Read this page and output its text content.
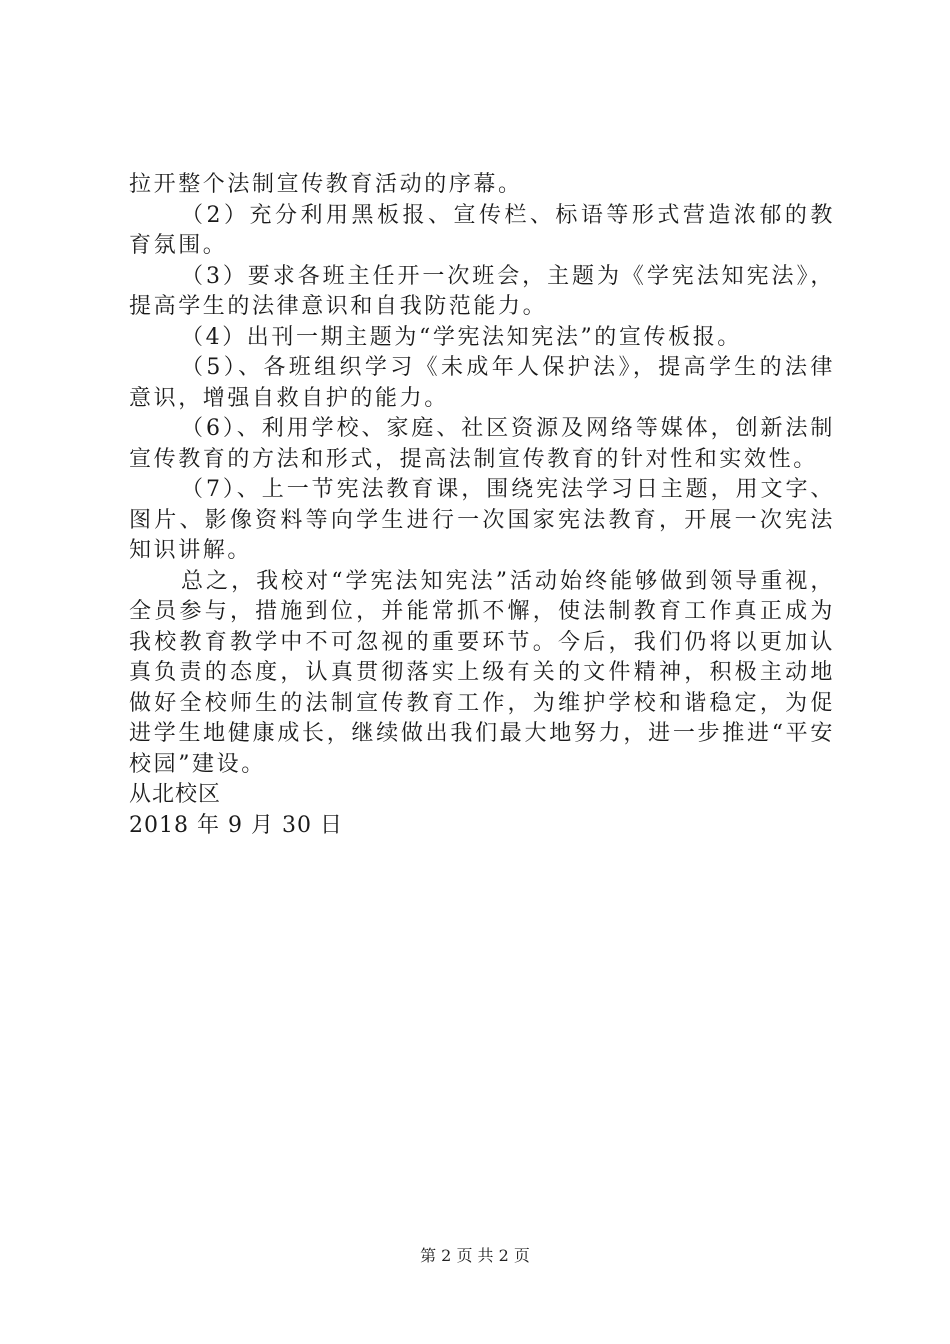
拉开整个法制宣传教育活动的序幕。

（2）充分利用黑板报、宣传栏、标语等形式营造浓郁的教育氛围。

（3）要求各班主任开一次班会，主题为《学宪法知宪法》，提高学生的法律意识和自我防范能力。

（4）出刊一期主题为“学宪法知宪法”的宣传板报。

（5）、各班组织学习《未成年人保护法》，提高学生的法律意识，增强自救自护的能力。

（6）、利用学校、家庭、社区资源及网络等媒体，创新法制宣传教育的方法和形式，提高法制宣传教育的针对性和实效性。

（7）、上一节宪法教育课，围绕宪法学习日主题，用文字、图片、影像资料等向学生进行一次国家宪法教育，开展一次宪法知识讲解。

总之，我校对“学宪法知宪法”活动始终能够做到领导重视，全员参与，措施到位，并能常抓不懈，使法制教育工作真正成为我校教育教学中不可忽视的重要环节。今后，我们仍将以更加认真负责的态度，认真贯彻落实上级有关的文件精神，积极主动地做好全校师生的法制宣传教育工作，为维护学校和谐稳定，为促进学生地健康成长，继续做出我们最大地努力，进一步推进“平安校园”建设。

从北校区

2018 年 9 月 30 日

第 2 页 共 2 页
